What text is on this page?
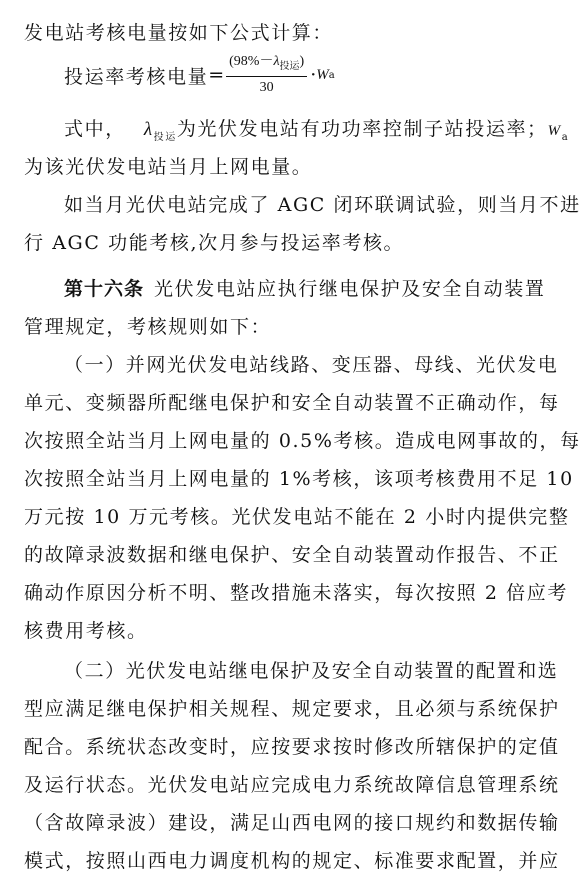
发电站考核电量按如下公式计算：
投运率考核电量 = $\frac{(98\%-\lambda_{投运})}{30} \cdot W$ a
式中， $\lambda_{投运}$为光伏发电站有功功率控制子站投运率；$W_a$
为该光伏发电站当月上网电量。
如当月光伏电站完成了 AGC 闭环联调试验，则当月不进
行 AGC 功能考核,次月参与投运率考核。
第十六条 光伏发电站应执行继电保护及安全自动装置
管理规定，考核规则如下：
（一）并网光伏发电站线路、变压器、母线、光伏发电
单元、变频器所配继电保护和安全自动装置不正确动作，每
次按照全站当月上网电量的 0.5%考核。造成电网事故的，每
次按照全站当月上网电量的 1%考核，该项考核费用不足 10
万元按 10 万元考核。光伏发电站不能在 2 小时内提供完整
的故障录波数据和继电保护、安全自动装置动作报告、不正
确动作原因分析不明、整改措施未落实，每次按照 2 倍应考
核费用考核。
（二）光伏发电站继电保护及安全自动装置的配置和选
型应满足继电保护相关规程、规定要求，且必须与系统保护
配合。系统状态改变时，应按要求按时修改所辖保护的定值
及运行状态。光伏发电站应完成电力系统故障信息管理系统
（含故障录波）建设，满足山西电网的接口规约和数据传输
模式，按照山西电力调度机构的规定、标准要求配置，并应
